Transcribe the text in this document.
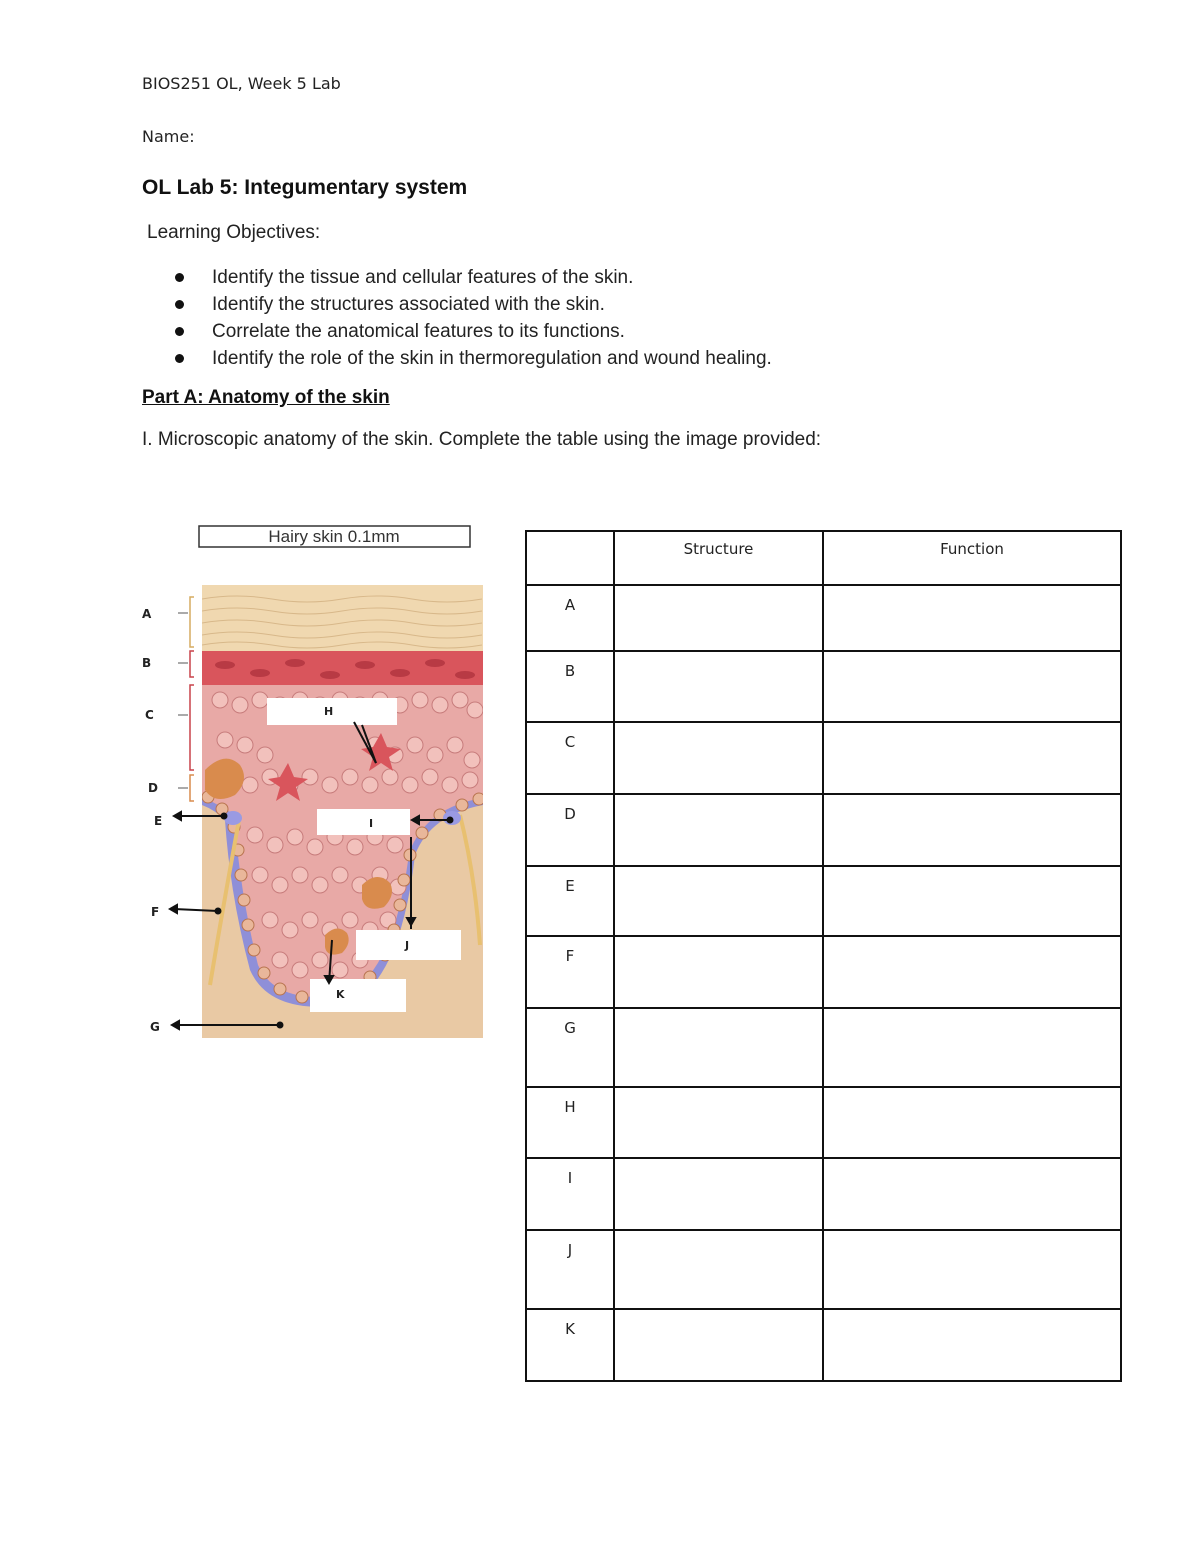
BIOS251 OL, Week 5 Lab
Name:
OL Lab 5: Integumentary system
Learning Objectives:
Identify the tissue and cellular features of the skin.
Identify the structures associated with the skin.
Correlate the anatomical features to its functions.
Identify the role of the skin in thermoregulation and wound healing.
Part A: Anatomy of the skin
I. Microscopic anatomy of the skin. Complete the table using the image provided:
Hairy skin 0.1mm
A
B
C
D
E
F
G
H
I
J
K
	Structure	Function
A		
B		
C		
D		
E		
F		
G		
H		
I		
J		
K		
